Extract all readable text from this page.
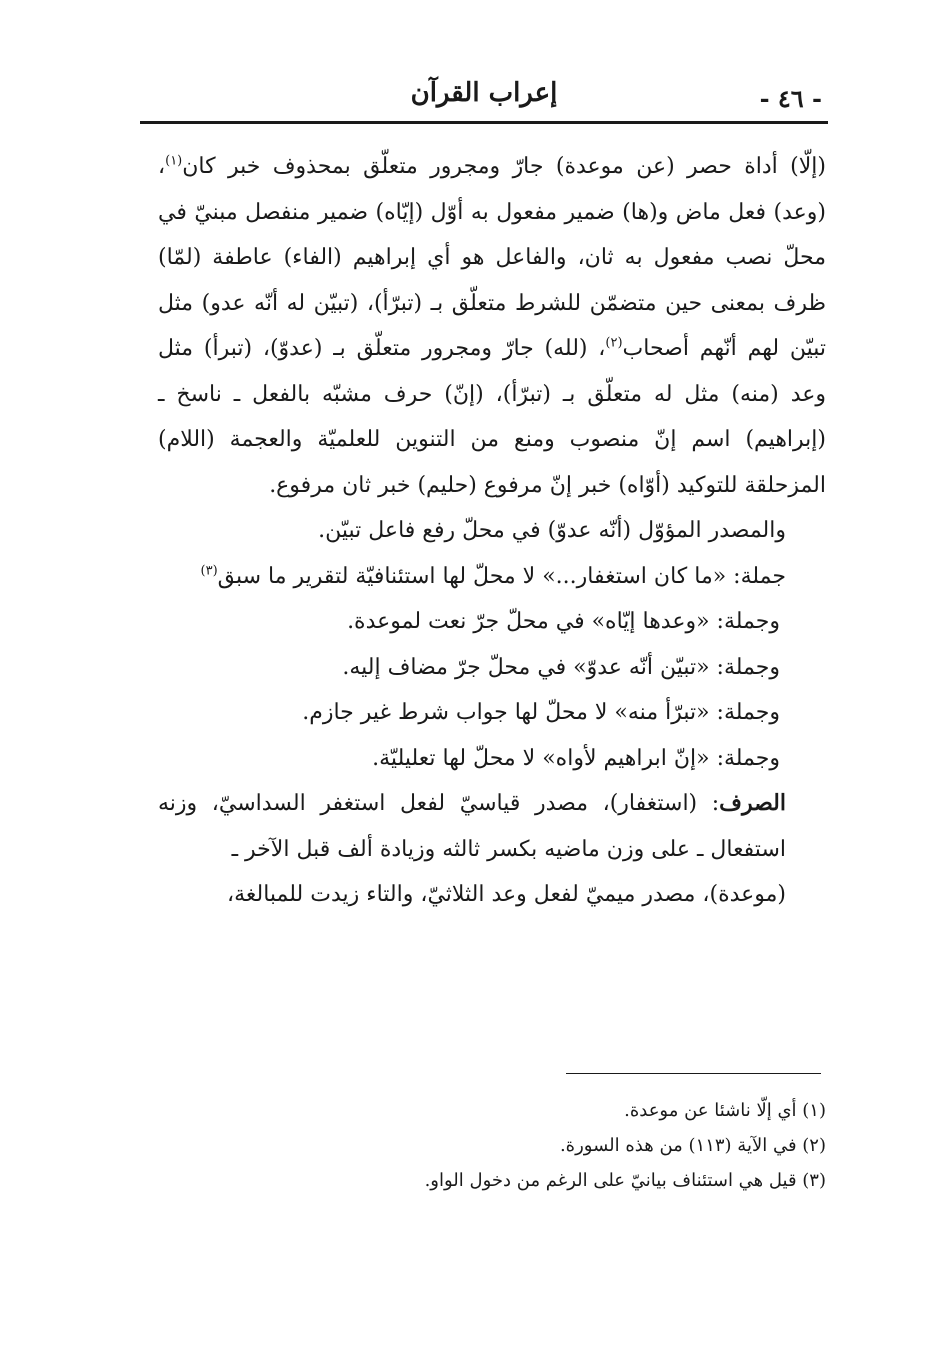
- ٤٦ -
إعراب القرآن

(إلّا) أداة حصر (عن موعدة) جارّ ومجرور متعلّق بمحذوف خبر كان$^{(١)}$، (وعد) فعل ماض و(ها) ضمير مفعول به أوّل (إيّاه) ضمير منفصل مبنيّ في محلّ نصب مفعول به ثان، والفاعل هو أي إبراهيم (الفاء) عاطفة (لمّا) ظرف بمعنى حين متضمّن للشرط متعلّق بـ (تبرّأ)، (تبيّن له أنّه عدو) مثل تبيّن لهم أنّهم أصحاب$^{(٢)}$، (لله) جارّ ومجرور متعلّق بـ (عدوّ)، (تبرأ) مثل وعد (منه) مثل له متعلّق بـ (تبرّأ)، (إنّ) حرف مشبّه بالفعل ـ ناسخ ـ (إبراهيم) اسم إنّ منصوب ومنع من التنوين للعلميّة والعجمة (اللام) المزحلقة للتوكيد (أوّاه) خبر إنّ مرفوع (حليم) خبر ثان مرفوع.

والمصدر المؤوّل (أنّه عدوّ) في محلّ رفع فاعل تبيّن.

جملة: «ما كان استغفار...» لا محلّ لها استئنافيّة لتقرير ما سبق$^{(٣)}$

وجملة: «وعدها إيّاه» في محلّ جرّ نعت لموعدة.

وجملة: «تبيّن أنّه عدوّ» في محلّ جرّ مضاف إليه.

وجملة: «تبرّأ منه» لا محلّ لها جواب شرط غير جازم.

وجملة: «إنّ ابراهيم لأواه» لا محلّ لها تعليليّة.

الصرف: (استغفار)، مصدر قياسيّ لفعل استغفر السداسيّ، وزنه استفعال ـ على وزن ماضيه بكسر ثالثه وزيادة ألف قبل الآخر ـ

(موعدة)، مصدر ميميّ لفعل وعد الثلاثيّ، والتاء زيدت للمبالغة،

(١) أي إلّا ناشئا عن موعدة.

(٢) في الآية (١١٣) من هذه السورة.

(٣) قيل هي استئناف بيانيّ على الرغم من دخول الواو.
